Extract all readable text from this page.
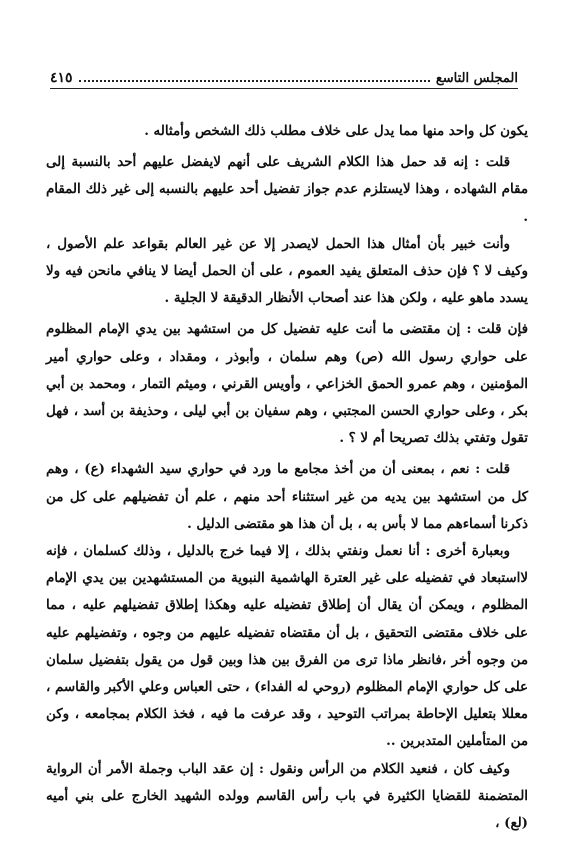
المجلس التاسع
٤١٥

يكون كل واحد منها مما يدل على خلاف مطلب ذلك الشخص وأمثاله .

قلت : إنه قد حمل هذا الكلام الشريف على أنهم لايفضل عليهم أحد بالنسبة إلى مقام الشهاده ، وهذا لايستلزم عدم جواز تفضيل أحد عليهم بالنسبه إلى غير ذلك المقام .

وأنت خبير بأن أمثال هذا الحمل لايصدر إلا عن غير العالم بقواعد علم الأصول ، وكيف لا ؟ فإن حذف المتعلق يفيد العموم ، على أن الحمل أيضا لا ينافي مانحن فيه ولا يسدد ماهو عليه ، ولكن هذا عند أصحاب الأنظار الدقيقة لا الجلية .

فإن قلت : إن مقتضى ما أنت عليه تفضيل كل من استشهد بين يدي الإمام المظلوم على حواري رسول الله (ص) وهم سلمان ، وأبوذر ، ومقداد ، وعلى حواري أمير المؤمنين ، وهم عمرو الحمق الخزاعي ، وأويس القرني ، وميثم التمار ، ومحمد بن أبي بكر ، وعلى حواري الحسن المجتبي ، وهم سفيان بن أبي ليلى ، وحذيفة بن أسد ، فهل تقول وتفتي بذلك تصريحا أم لا ؟ .

قلت : نعم ، بمعنى أن من أخذ مجامع ما ورد في حواري سيد الشهداء (ع) ، وهم كل من استشهد بين يديه من غير استثناء أحد منهم ، علم أن تفضيلهم على كل من ذكرنا أسماءهم مما لا بأس به ، بل أن هذا هو مقتضى الدليل .

وبعبارة أخرى : أنا نعمل ونفتي بذلك ، إلا فيما خرج بالدليل ، وذلك كسلمان ، فإنه لااستبعاد في تفضيله على غير العترة الهاشمية النبوية من المستشهدين بين يدي الإمام المظلوم ، ويمكن أن يقال أن إطلاق تفضيله عليه وهكذا إطلاق تفضيلهم عليه ، مما على خلاف مقتضى التحقيق ، بل أن مقتضاه تفضيله عليهم من وجوه ، وتفضيلهم عليه من وجوه أخر ،فانظر ماذا ترى من الفرق بين هذا وبين قول من يقول بتفضيل سلمان على كل حواري الإمام المظلوم (روحي له الفداء) ، حتى العباس وعلي الأكبر والقاسم ، معللا بتعليل الإحاطة بمراتب التوحيد ، وقد عرفت ما فيه ، فخذ الكلام بمجامعه ، وكن من المتأملين المتدبرين ..

وكيف كان ، فنعيد الكلام من الرأس ونقول : إن عقد الباب وجملة الأمر أن الرواية المتضمنة للقضايا الكثيرة في باب رأس القاسم وولده الشهيد الخارج على بني أميه (لع) ،
